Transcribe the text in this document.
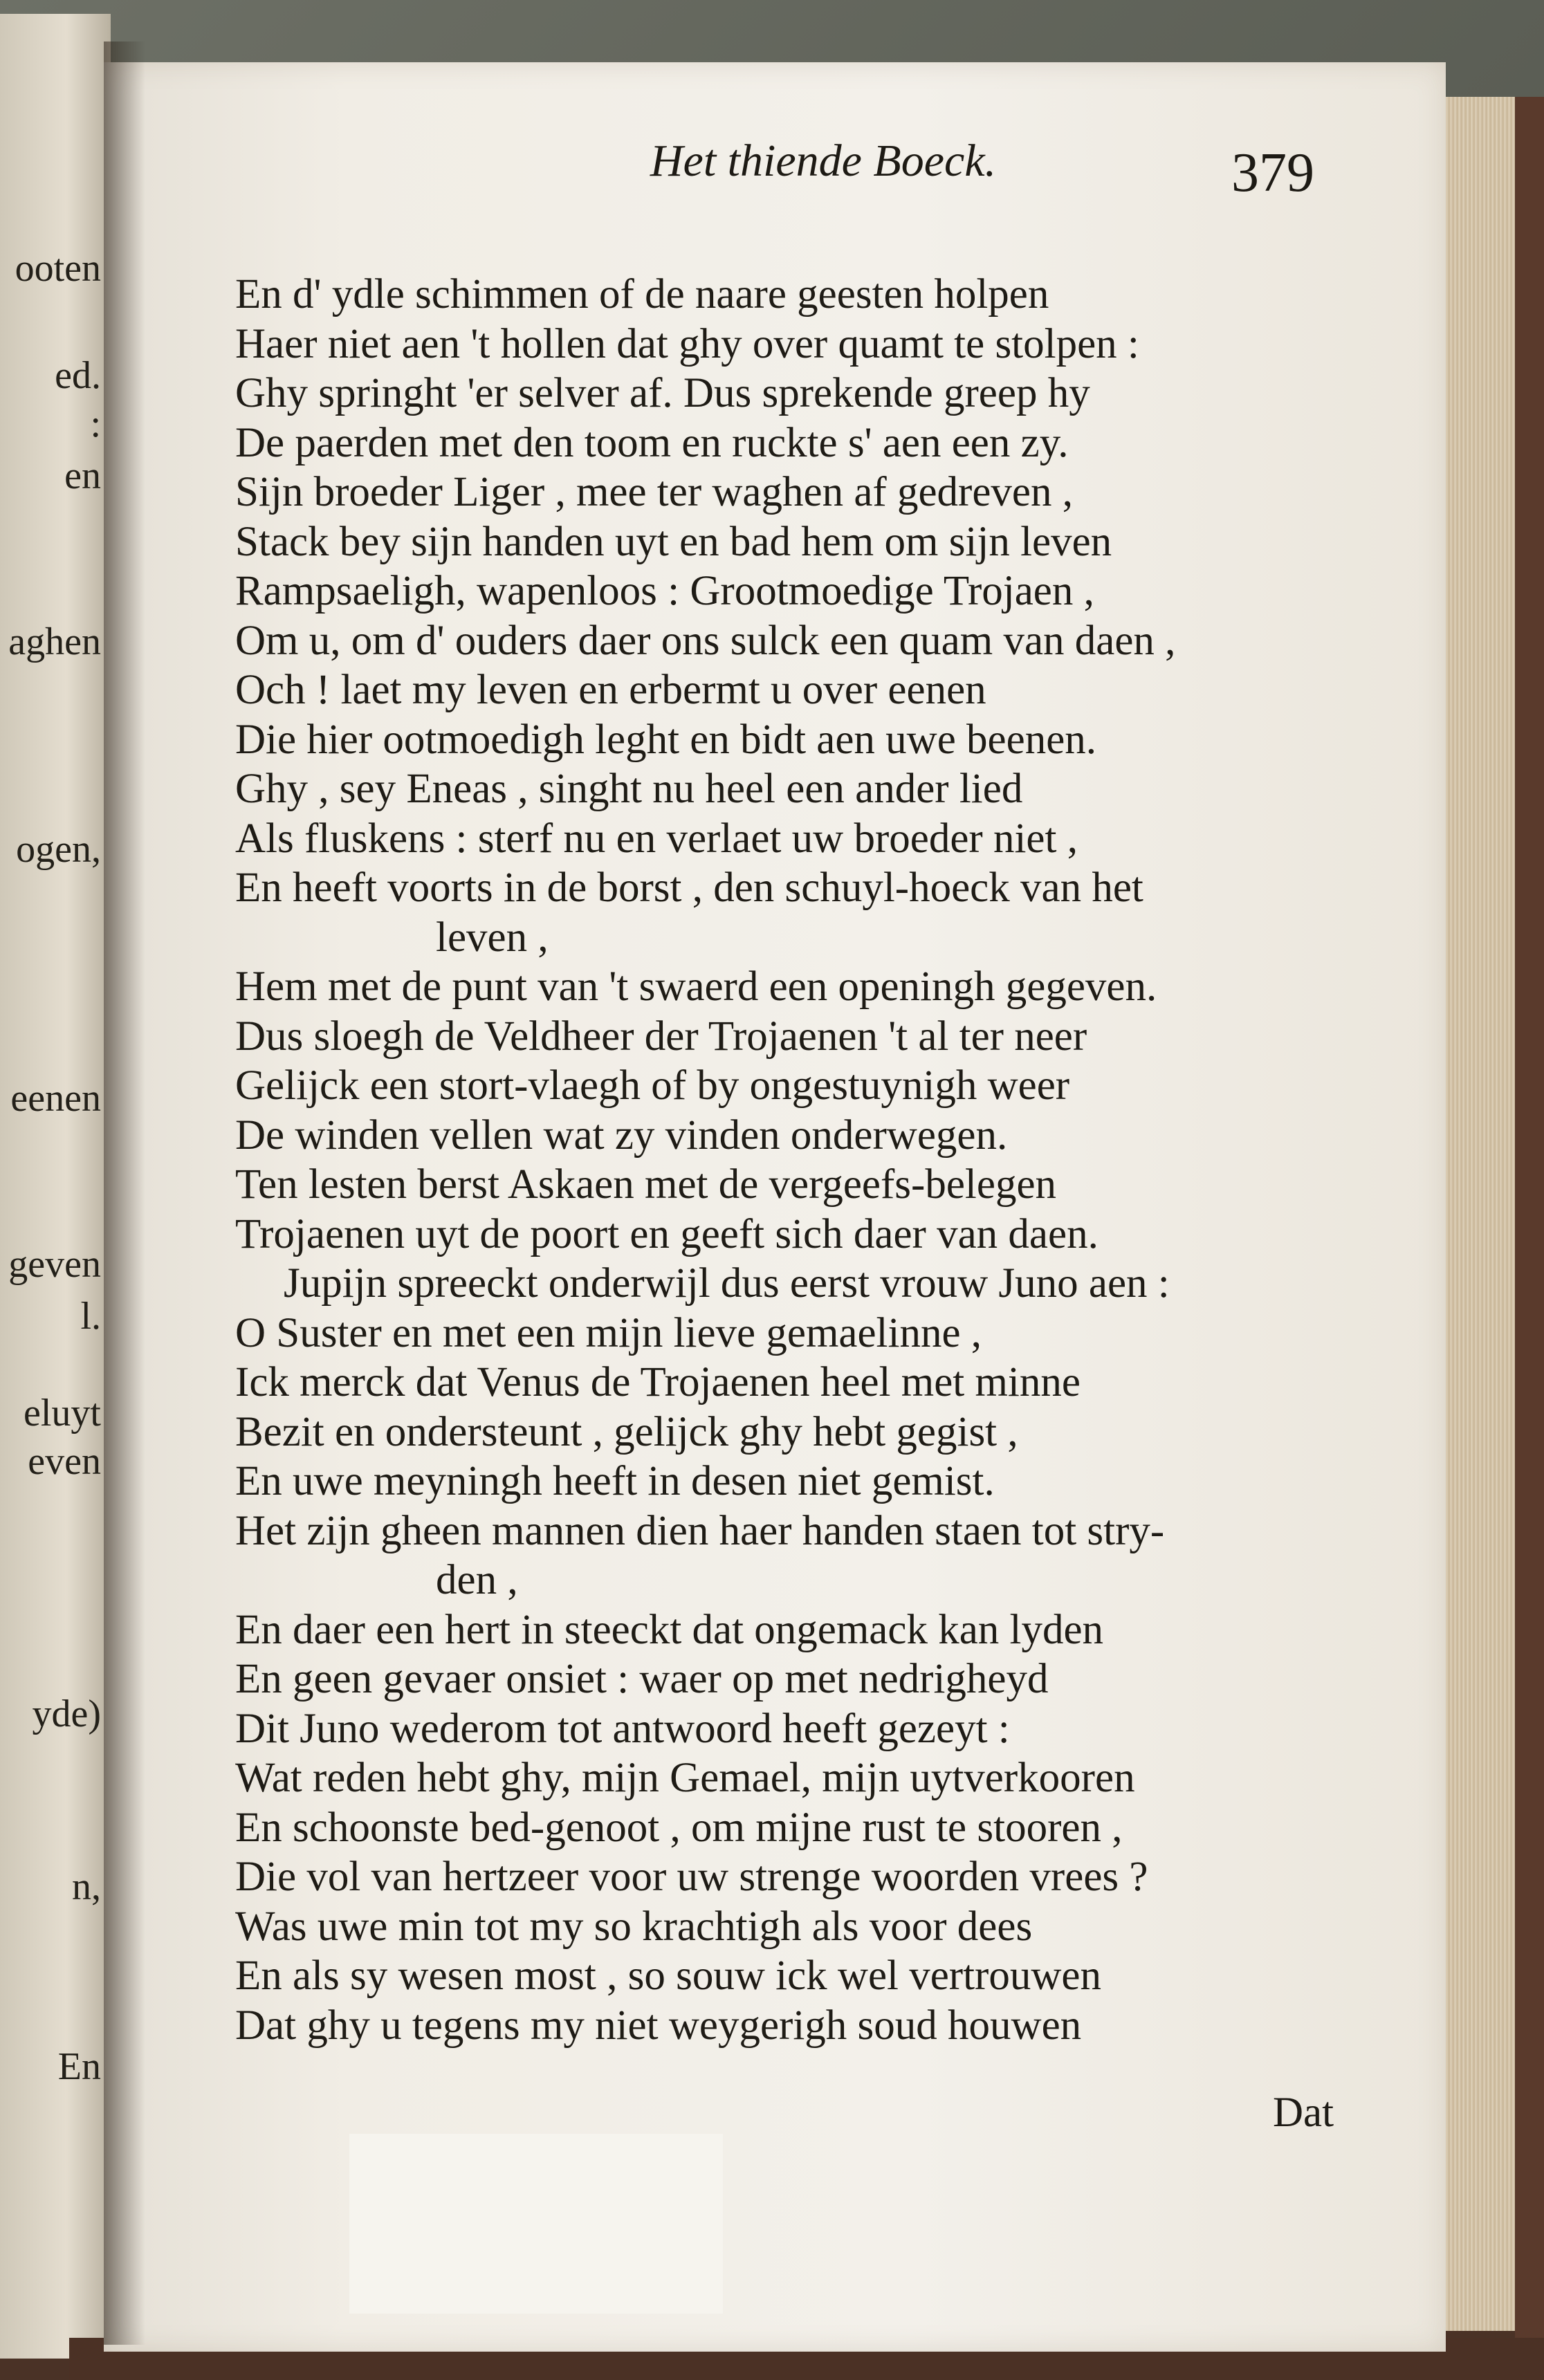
ooten
ed.
:
en
aghen
ogen,
eenen
geven
l.
eluyt
even
yde)
n,
En
Het thiende Boeck.	379
En d' ydle schimmen of de naare geesten holpen
Haer niet aen 't hollen dat ghy over quamt te stolpen :
Ghy springht 'er selver af. Dus sprekende greep hy
De paerden met den toom en ruckte s' aen een zy.
Sijn broeder Liger , mee ter waghen af gedreven ,
Stack bey sijn handen uyt en bad hem om sijn leven
Rampsaeligh, wapenloos : Grootmoedige Trojaen ,
Om u, om d' ouders daer ons sulck een quam van daen ,
Och ! laet my leven en erbermt u over eenen
Die hier ootmoedigh leght en bidt aen uwe beenen.
Ghy , sey Eneas , singht nu heel een ander lied
Als fluskens : sterf nu en verlaet uw broeder niet ,
En heeft voorts in de borst , den schuyl-hoeck van het
leven ,
Hem met de punt van 't swaerd een openingh gegeven.
Dus sloegh de Veldheer der Trojaenen 't al ter neer
Gelijck een stort-vlaegh of by ongestuynigh weer
De winden vellen wat zy vinden onderwegen.
Ten lesten berst Askaen met de vergeefs-belegen
Trojaenen uyt de poort en geeft sich daer van daen.
Jupijn spreeckt onderwijl dus eerst vrouw Juno aen :
O Suster en met een mijn lieve gemaelinne ,
Ick merck dat Venus de Trojaenen heel met minne
Bezit en ondersteunt , gelijck ghy hebt gegist ,
En uwe meyningh heeft in desen niet gemist.
Het zijn gheen mannen dien haer handen staen tot stry-
den ,
En daer een hert in steeckt dat ongemack kan lyden
En geen gevaer onsiet : waer op met nedrigheyd
Dit Juno wederom tot antwoord heeft gezeyt :
Wat reden hebt ghy, mijn Gemael, mijn uytverkooren
En schoonste bed-genoot , om mijne rust te stooren ,
Die vol van hertzeer voor uw strenge woorden vrees ?
Was uwe min tot my so krachtigh als voor dees
En als sy wesen most , so souw ick wel vertrouwen
Dat ghy u tegens my niet weygerigh soud houwen
Dat
